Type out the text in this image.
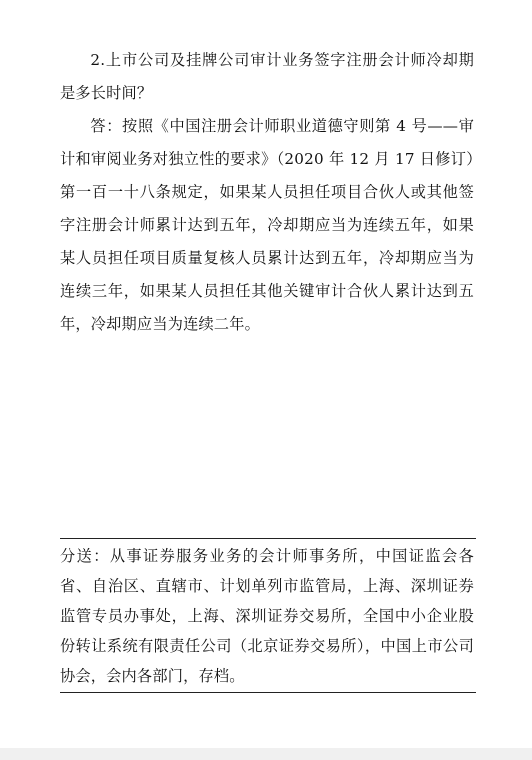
2.上市公司及挂牌公司审计业务签字注册会计师冷却期是多长时间？

答：按照《中国注册会计师职业道德守则第 4 号——审计和审阅业务对独立性的要求》（2020 年 12 月 17 日修订）第一百一十八条规定，如果某人员担任项目合伙人或其他签字注册会计师累计达到五年，冷却期应当为连续五年，如果某人员担任项目质量复核人员累计达到五年，冷却期应当为连续三年，如果某人员担任其他关键审计合伙人累计达到五年，冷却期应当为连续二年。

分送：从事证券服务业务的会计师事务所，中国证监会各省、自治区、直辖市、计划单列市监管局，上海、深圳证券监管专员办事处，上海、深圳证券交易所，全国中小企业股份转让系统有限责任公司（北京证券交易所），中国上市公司协会，会内各部门，存档。
